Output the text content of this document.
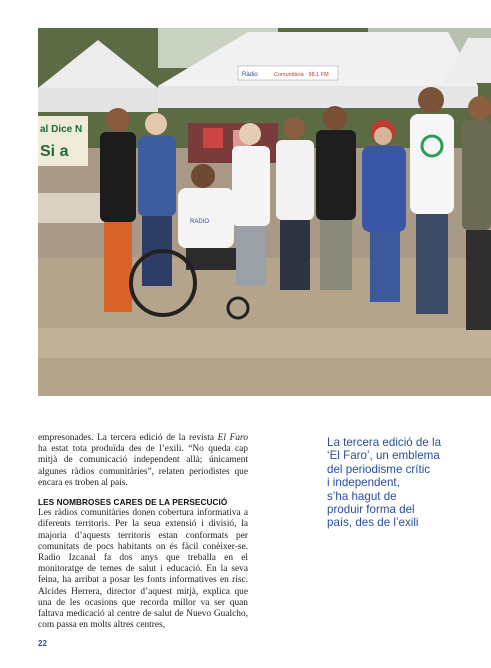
Ràdio	Comunitària · 98.1 FM
al Dice N
Si a
RADIO

empresonades. La tercera edició de la revista El Faro ha estat tota produïda des de l’exili. “No queda cap mitjà de comunicació independent allà; únicament algunes ràdios comunitàries”, relaten periodistes que encara es troben al país.

LES NOMBROSES CARES DE LA PERSECUCIÓ

Les ràdios comunitàries donen cobertura informativa a diferents territoris. Per la seua extensió i divisió, la majoria d’aquests territoris estan conformats per comunitats de pocs habitants on és fàcil conèixer-se. Radio Izcanal fa dos anys que treballa en el monitoratge de temes de salut i educació. En la seva feina, ha arribat a posar les fonts informatives en risc. Alcides Herrera, director d’aquest mitjà, explica que una de les ocasions que recorda millor va ser quan faltava medicació al centre de salut de Nuevo Gualcho, com passa en molts altres centres,

La tercera edició de la
‘El Faro’, un emblema
del periodisme crític
i independent,
s’ha hagut de
produir forma del
país, des de l’exili
22
